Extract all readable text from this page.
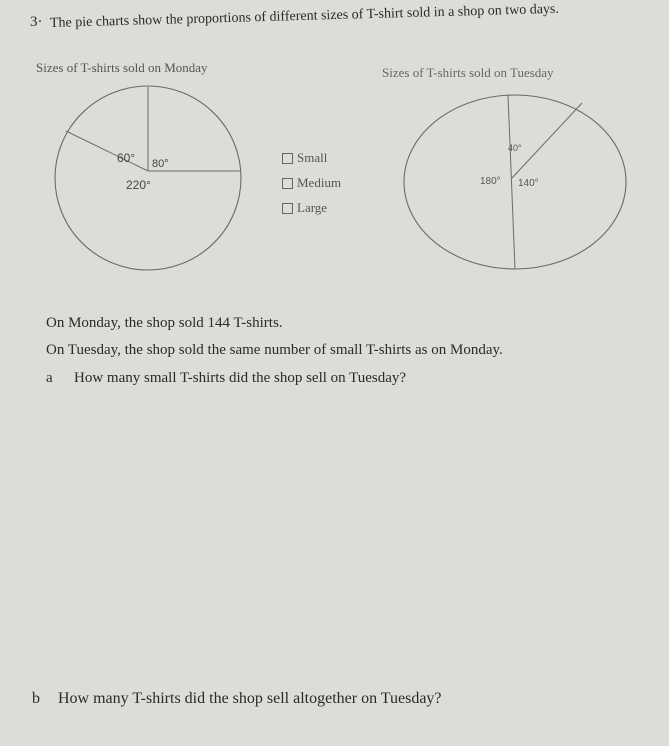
3· The pie charts show the proportions of different sizes of T-shirt sold in a shop on two days.
Sizes of T-shirts sold on Monday	Sizes of T-shirts sold on Tuesday
60° 80°
220°
40°
140°
180°
Small
Medium
Large
On Monday, the shop sold 144 T-shirts.
On Tuesday, the shop sold the same number of small T-shirts as on Monday.
a How many small T-shirts did the shop sell on Tuesday?
b How many T-shirts did the shop sell altogether on Tuesday?
